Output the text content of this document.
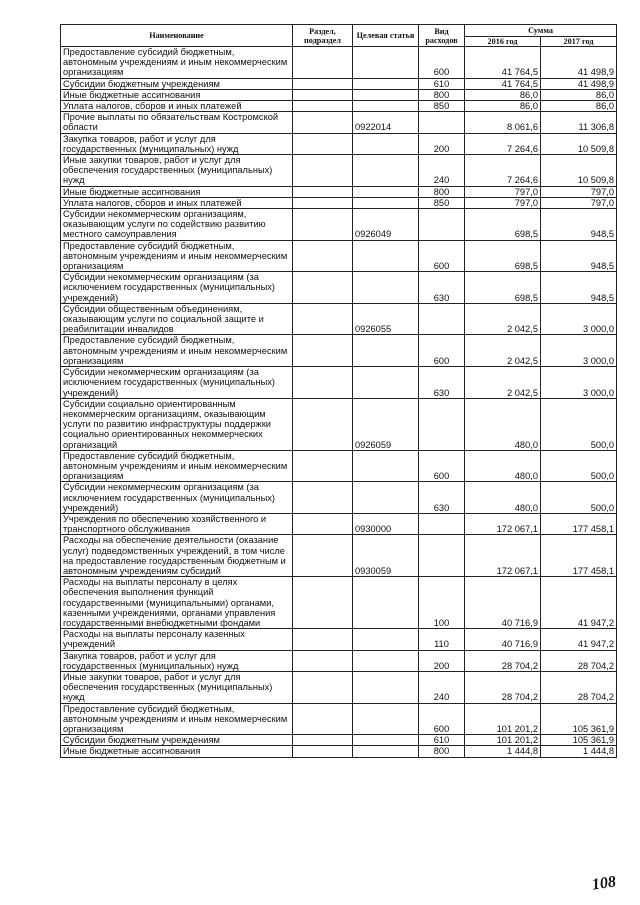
Наименование	Раздел, подраздел	Целевая статья	Вид расходов	Сумма	
				2016 год	2017 год
Предоставление субсидий бюджетным, автономным учреждениям и иным некоммерческим организациям			600	41 764,5	41 498,9
Субсидии бюджетным учреждениям			610	41 764,5	41 498,9
Иные бюджетные ассигнования			800	86,0	86,0
Уплата налогов, сборов и иных платежей			850	86,0	86,0
Прочие выплаты по обязательствам Костромской области		0922014		8 061,6	11 306,8
Закупка товаров, работ и услуг для государственных (муниципальных) нужд			200	7 264,6	10 509,8
Иные закупки товаров, работ и услуг для обеспечения государственных (муниципальных) нужд			240	7 264,6	10 509,8
Иные бюджетные ассигнования			800	797,0	797,0
Уплата налогов, сборов и иных платежей			850	797,0	797,0
Субсидии некоммерческим организациям, оказывающим услуги по содействию развитию местного самоуправления		0926049		698,5	948,5
Предоставление субсидий бюджетным, автономным учреждениям и иным некоммерческим организациям			600	698,5	948,5
Субсидии некоммерческим организациям (за исключением государственных (муниципальных) учреждений)			630	698,5	948,5
Субсидии общественным объединениям, оказывающим услуги по социальной защите и реабилитации инвалидов		0926055		2 042,5	3 000,0
Предоставление субсидий бюджетным, автономным учреждениям и иным некоммерческим организациям			600	2 042,5	3 000,0
Субсидии некоммерческим организациям (за исключением государственных (муниципальных) учреждений)			630	2 042,5	3 000,0
Субсидии социально ориентированным некоммерческим организациям, оказывающим услуги по развитию инфраструктуры поддержки социально ориентированных некоммерческих организаций		0926059		480,0	500,0
Предоставление субсидий бюджетным, автономным учреждениям и иным некоммерческим организациям			600	480,0	500,0
Субсидии некоммерческим организациям (за исключением государственных (муниципальных) учреждений)			630	480,0	500,0
Учреждения по обеспечению хозяйственного и транспортного обслуживания		0930000		172 067,1	177 458,1
Расходы на обеспечение деятельности (оказание услуг) подведомственных учреждений, в том числе на предоставление государственным бюджетным и автономным учреждениям субсидий		0930059		172 067,1	177 458,1
Расходы на выплаты персоналу в целях обеспечения выполнения функций государственными (муниципальными) органами, казенными учреждениями, органами управления государственными внебюджетными фондами			100	40 716,9	41 947,2
Расходы на выплаты персоналу казенных учреждений			110	40 716,9	41 947,2
Закупка товаров, работ и услуг для государственных (муниципальных) нужд			200	28 704,2	28 704,2
Иные закупки товаров, работ и услуг для обеспечения государственных (муниципальных) нужд			240	28 704,2	28 704,2
Предоставление субсидий бюджетным, автономным учреждениям и иным некоммерческим организациям			600	101 201,2	105 361,9
Субсидии бюджетным учреждениям			610	101 201,2	105 361,9
Иные бюджетные ассигнования			800	1 444,8	1 444,8
108
